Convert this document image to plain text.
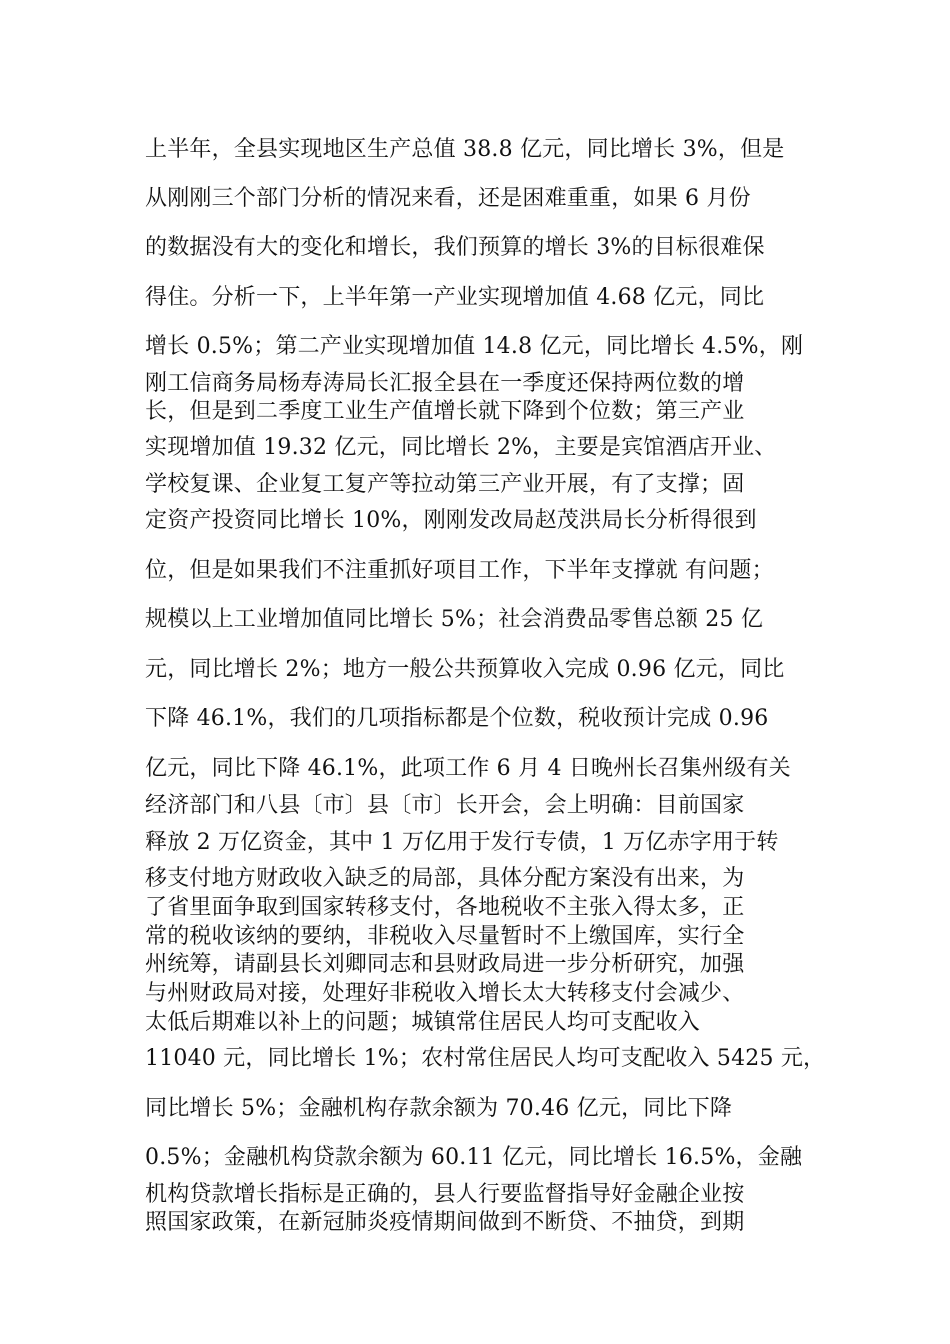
上半年，全县实现地区生产总值 38.8 亿元，同比增长 3%，但是
从刚刚三个部门分析的情况来看，还是困难重重，如果 6 月份
的数据没有大的变化和增长，我们预算的增长 3%的目标很难保
得住。分析一下，上半年第一产业实现增加值 4.68 亿元，同比
增长 0.5%；第二产业实现增加值 14.8 亿元，同比增长 4.5%，刚
刚工信商务局杨寿涛局长汇报全县在一季度还保持两位数的增
长，但是到二季度工业生产值增长就下降到个位数；第三产业
实现增加值 19.32 亿元，同比增长 2%，主要是宾馆酒店开业、
学校复课、企业复工复产等拉动第三产业开展，有了支撑；固
定资产投资同比增长 10%，刚刚发改局赵茂洪局长分析得很到
位，但是如果我们不注重抓好项目工作，下半年支撑就 有问题；
规模以上工业增加值同比增长 5%；社会消费品零售总额 25 亿
元，同比增长 2%；地方一般公共预算收入完成 0.96 亿元，同比
下降 46.1%，我们的几项指标都是个位数，税收预计完成 0.96
亿元，同比下降 46.1%，此项工作 6 月 4 日晚州长召集州级有关
经济部门和八县〔市〕县〔市〕长开会，会上明确：目前国家
释放 2 万亿资金，其中 1 万亿用于发行专债，1 万亿赤字用于转
移支付地方财政收入缺乏的局部，具体分配方案没有出来，为
了省里面争取到国家转移支付，各地税收不主张入得太多，正
常的税收该纳的要纳，非税收入尽量暂时不上缴国库，实行全
州统筹，请副县长刘卿同志和县财政局进一步分析研究，加强
与州财政局对接，处理好非税收入增长太大转移支付会减少、
太低后期难以补上的问题；城镇常住居民人均可支配收入
11040 元，同比增长 1%；农村常住居民人均可支配收入 5425 元，
同比增长 5%；金融机构存款余额为 70.46 亿元，同比下降
0.5%；金融机构贷款余额为 60.11 亿元，同比增长 16.5%，金融
机构贷款增长指标是正确的，县人行要监督指导好金融企业按
照国家政策，在新冠肺炎疫情期间做到不断贷、不抽贷，到期
